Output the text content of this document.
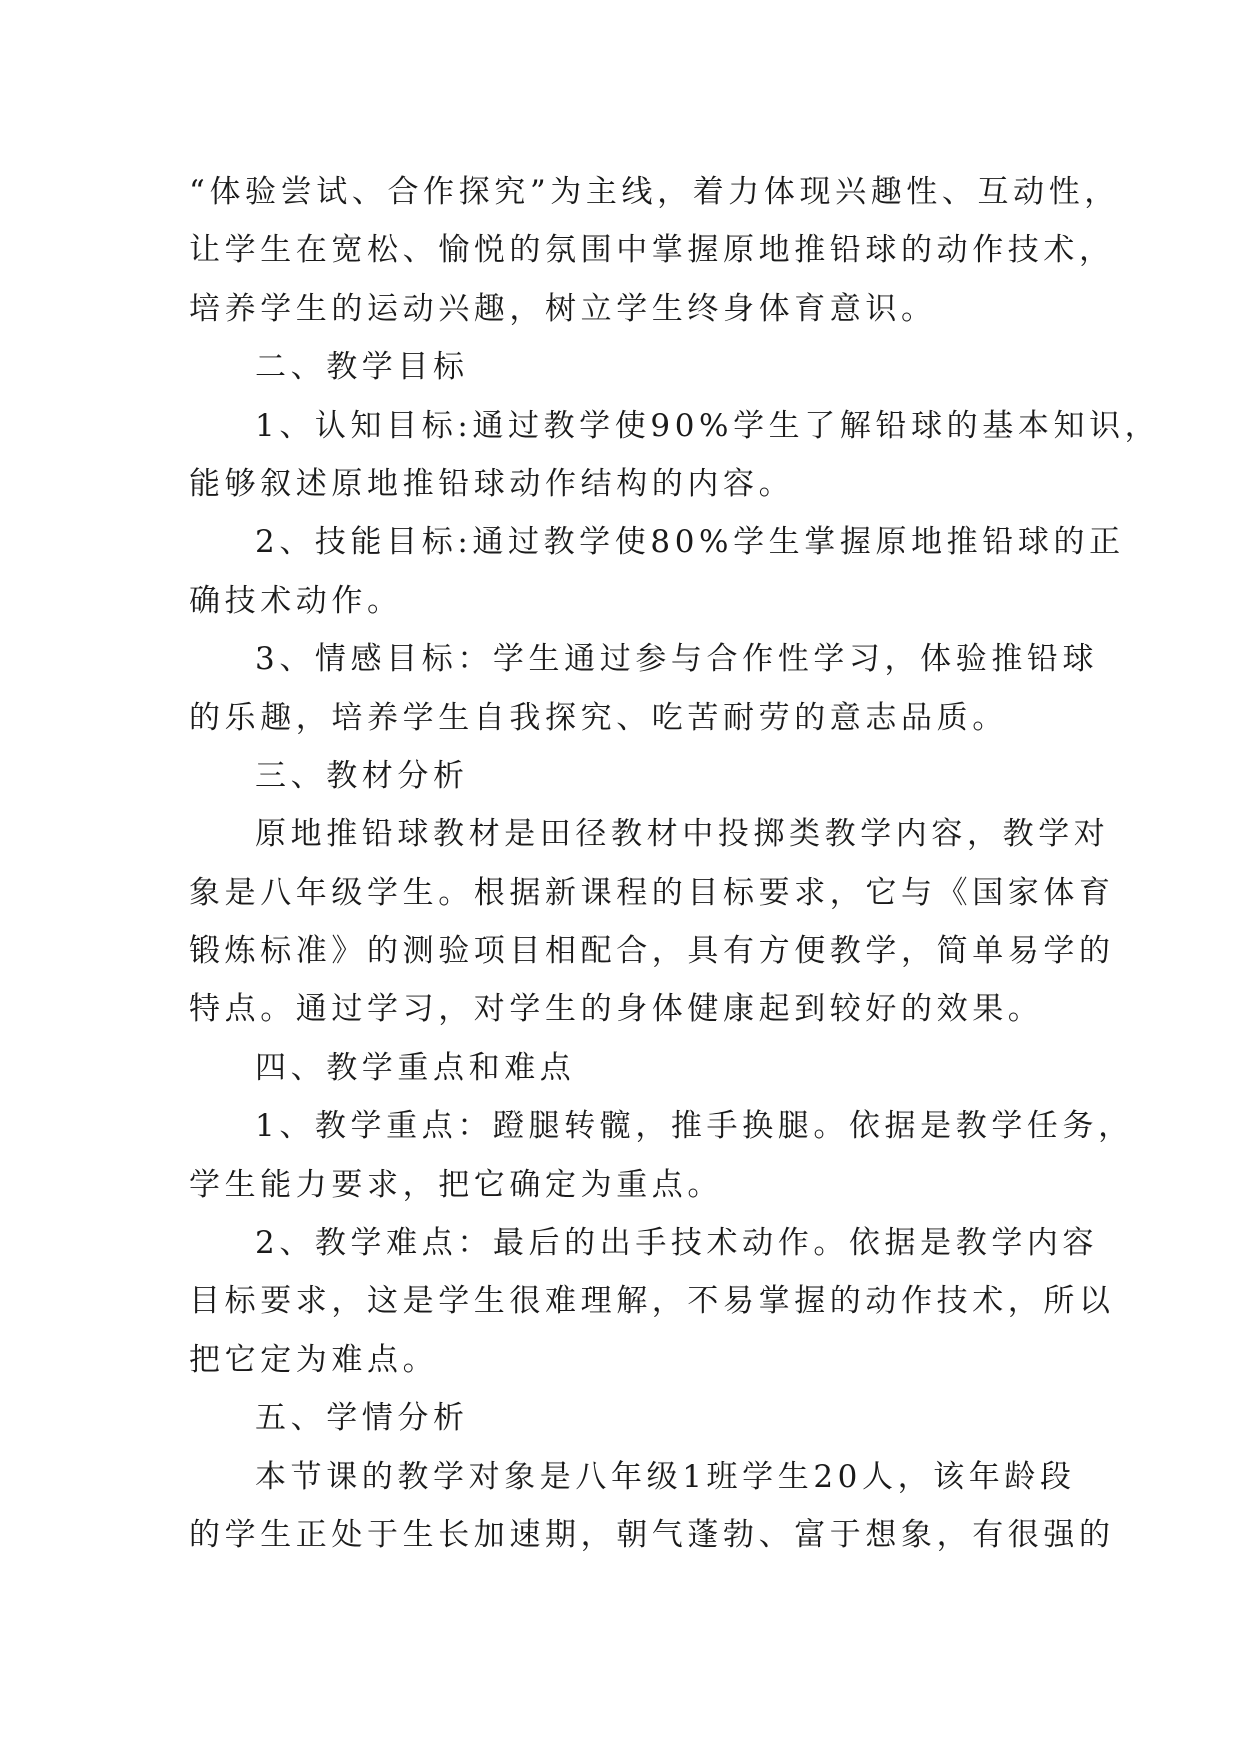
“体验尝试、合作探究”为主线，着力体现兴趣性、互动性，
让学生在宽松、愉悦的氛围中掌握原地推铅球的动作技术，
培养学生的运动兴趣，树立学生终身体育意识。
二、教学目标
1、认知目标:通过教学使90%学生了解铅球的基本知识，
能够叙述原地推铅球动作结构的内容。
2、技能目标:通过教学使80%学生掌握原地推铅球的正
确技术动作。
3、情感目标：学生通过参与合作性学习，体验推铅球
的乐趣，培养学生自我探究、吃苦耐劳的意志品质。
三、教材分析
原地推铅球教材是田径教材中投掷类教学内容，教学对
象是八年级学生。根据新课程的目标要求，它与《国家体育
锻炼标准》的测验项目相配合，具有方便教学，简单易学的
特点。通过学习，对学生的身体健康起到较好的效果。
四、教学重点和难点
1、教学重点：蹬腿转髋，推手换腿。依据是教学任务，
学生能力要求，把它确定为重点。
2、教学难点：最后的出手技术动作。依据是教学内容
目标要求，这是学生很难理解，不易掌握的动作技术，所以
把它定为难点。
五、学情分析
本节课的教学对象是八年级1班学生20人，该年龄段
的学生正处于生长加速期，朝气蓬勃、富于想象，有很强的
